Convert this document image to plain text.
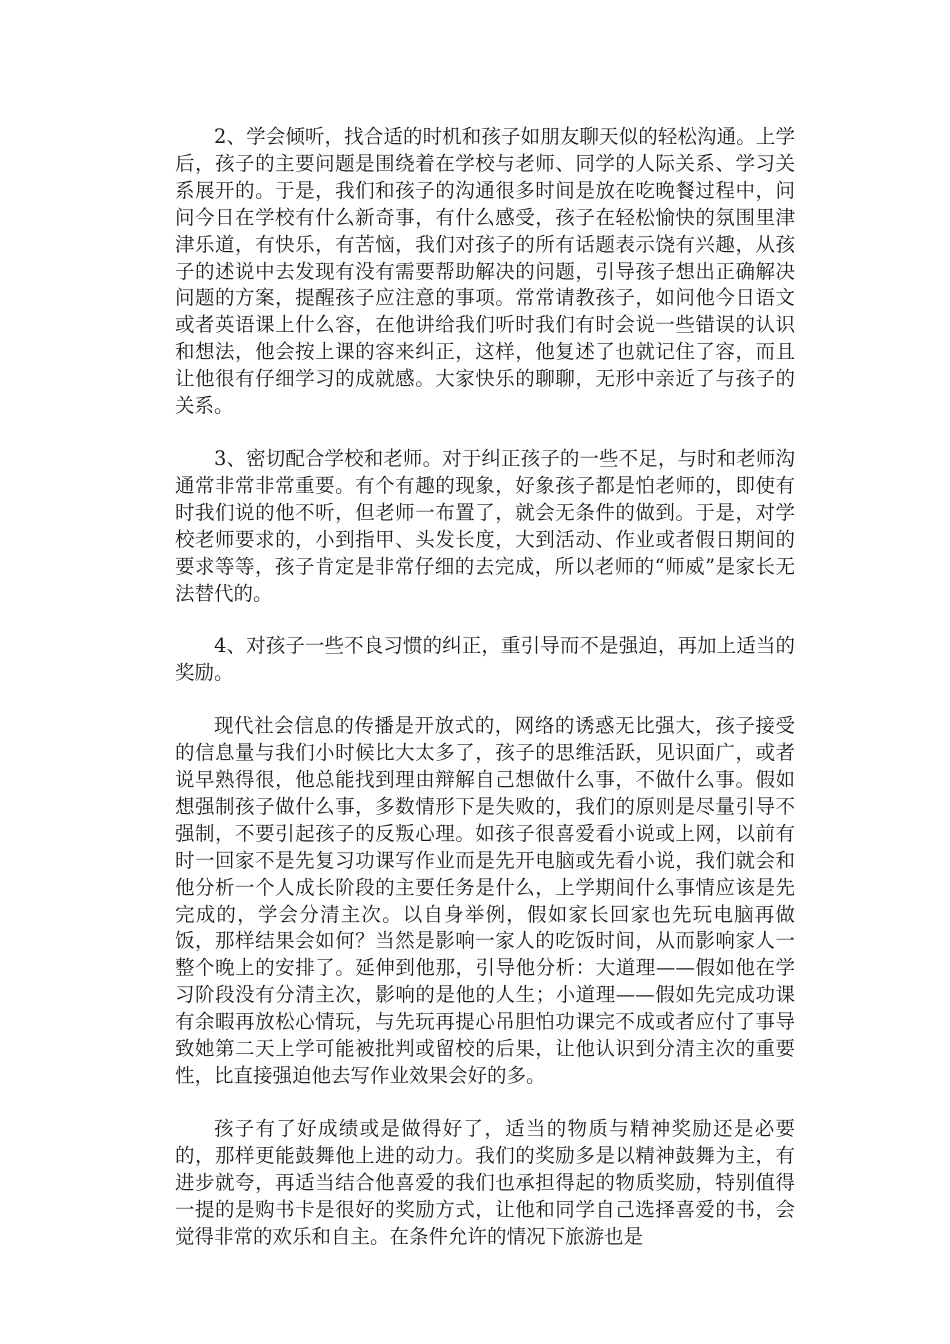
2、学会倾听，找合适的时机和孩子如朋友聊天似的轻松沟通。上学后，孩子的主要问题是围绕着在学校与老师、同学的人际关系、学习关系展开的。于是，我们和孩子的沟通很多时间是放在吃晚餐过程中，问问今日在学校有什么新奇事，有什么感受，孩子在轻松愉快的氛围里津津乐道，有快乐，有苦恼，我们对孩子的所有话题表示饶有兴趣，从孩子的述说中去发现有没有需要帮助解决的问题，引导孩子想出正确解决问题的方案，提醒孩子应注意的事项。常常请教孩子，如问他今日语文或者英语课上什么容，在他讲给我们听时我们有时会说一些错误的认识和想法，他会按上课的容来纠正，这样，他复述了也就记住了容，而且让他很有仔细学习的成就感。大家快乐的聊聊，无形中亲近了与孩子的关系。

3、密切配合学校和老师。对于纠正孩子的一些不足，与时和老师沟通常非常非常重要。有个有趣的现象，好象孩子都是怕老师的，即使有时我们说的他不听，但老师一布置了，就会无条件的做到。于是，对学校老师要求的，小到指甲、头发长度，大到活动、作业或者假日期间的要求等等，孩子肯定是非常仔细的去完成，所以老师的“师威”是家长无法替代的。

4、对孩子一些不良习惯的纠正，重引导而不是强迫，再加上适当的奖励。

现代社会信息的传播是开放式的，网络的诱惑无比强大，孩子接受的信息量与我们小时候比大太多了，孩子的思维活跃，见识面广，或者说早熟得很，他总能找到理由辩解自己想做什么事，不做什么事。假如想强制孩子做什么事，多数情形下是失败的，我们的原则是尽量引导不强制，不要引起孩子的反叛心理。如孩子很喜爱看小说或上网，以前有时一回家不是先复习功课写作业而是先开电脑或先看小说，我们就会和他分析一个人成长阶段的主要任务是什么，上学期间什么事情应该是先完成的，学会分清主次。以自身举例，假如家长回家也先玩电脑再做饭，那样结果会如何？当然是影响一家人的吃饭时间，从而影响家人一整个晚上的安排了。延伸到他那，引导他分析：大道理——假如他在学习阶段没有分清主次，影响的是他的人生；小道理——假如先完成功课有余暇再放松心情玩，与先玩再提心吊胆怕功课完不成或者应付了事导致她第二天上学可能被批判或留校的后果，让他认识到分清主次的重要性，比直接强迫他去写作业效果会好的多。

孩子有了好成绩或是做得好了，适当的物质与精神奖励还是必要的，那样更能鼓舞他上进的动力。我们的奖励多是以精神鼓舞为主，有进步就夸，再适当结合他喜爱的我们也承担得起的物质奖励，特别值得一提的是购书卡是很好的奖励方式，让他和同学自己选择喜爱的书，会觉得非常的欢乐和自主。在条件允许的情况下旅游也是
